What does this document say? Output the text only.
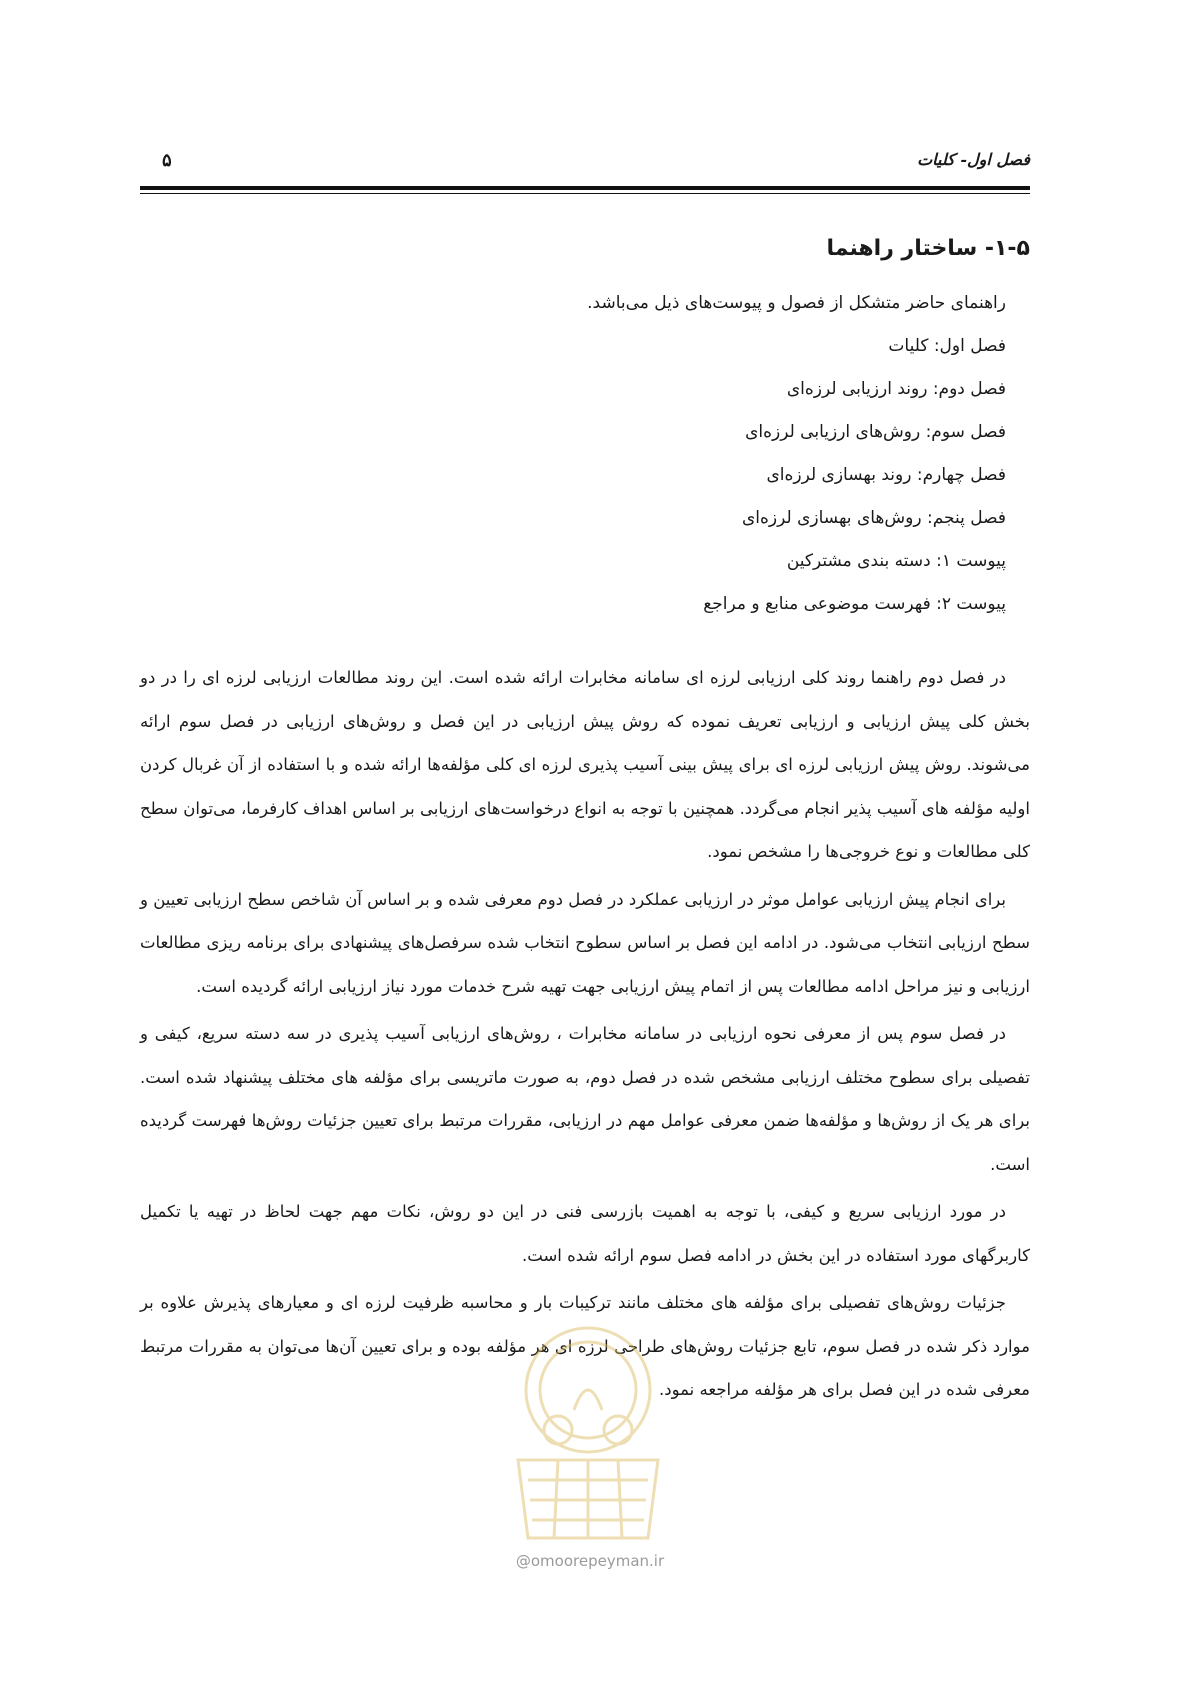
فصل اول- کلیات
۵
۱-۵- ساختار راهنما

راهنمای حاضر متشکل از فصول و پیوست‌های ذیل می‌باشد.

فصل اول: کلیات
فصل دوم: روند ارزیابی لرزه‌ای
فصل سوم: روش‌های ارزیابی لرزه‌ای
فصل چهارم: روند بهسازی لرزه‌ای
فصل پنجم: روش‌های بهسازی لرزه‌ای
پیوست ۱: دسته بندی مشترکین
پیوست ۲: فهرست موضوعی منابع و مراجع

در فصل دوم راهنما روند کلی ارزیابی لرزه ای سامانه مخابرات ارائه شده است. این روند مطالعات ارزیابی لرزه ای را در دو بخش کلی پیش ارزیابی و ارزیابی تعریف نموده که روش پیش ارزیابی در این فصل و روش‌های ارزیابی در فصل سوم ارائه می‌شوند. روش پیش ارزیابی لرزه ای برای پیش بینی آسیب پذیری لرزه ای کلی مؤلفه‌ها ارائه شده و با استفاده از آن غربال کردن اولیه مؤلفه های آسیب پذیر انجام می‌گردد. همچنین با توجه به انواع درخواست‌های ارزیابی بر اساس اهداف کارفرما، می‌توان سطح کلی مطالعات و نوع خروجی‌ها را مشخص نمود.

برای انجام پیش ارزیابی عوامل موثر در ارزیابی عملکرد در فصل دوم معرفی شده و بر اساس آن شاخص سطح ارزیابی تعیین و سطح ارزیابی انتخاب می‌شود. در ادامه این فصل بر اساس سطوح انتخاب شده سرفصل‌های پیشنهادی برای برنامه ریزی مطالعات ارزیابی و نیز مراحل ادامه مطالعات پس از اتمام پیش ارزیابی جهت تهیه شرح خدمات مورد نیاز ارزیابی ارائه گردیده است.

در فصل سوم پس از معرفی نحوه ارزیابی در سامانه مخابرات ، روش‌های ارزیابی آسیب پذیری در سه دسته سریع، کیفی و تفصیلی برای سطوح مختلف ارزیابی مشخص شده در فصل دوم، به صورت ماتریسی برای مؤلفه های مختلف پیشنهاد شده است. برای هر یک از روش‌ها و مؤلفه‌ها ضمن معرفی عوامل مهم در ارزیابی، مقررات مرتبط برای تعیین جزئیات روش‌ها فهرست گردیده است.

در مورد ارزیابی سریع و کیفی، با توجه به اهمیت بازرسی فنی در این دو روش، نکات مهم جهت لحاظ در تهیه یا تکمیل کاربرگهای مورد استفاده در این بخش در ادامه فصل سوم ارائه شده است.

جزئیات روش‌های تفصیلی برای مؤلفه های مختلف مانند ترکیبات بار و محاسبه ظرفیت لرزه ای و معیارهای پذیرش علاوه بر موارد ذکر شده در فصل سوم، تابع جزئیات روش‌های طراحی لرزه ای هر مؤلفه بوده و برای تعیین آن‌ها می‌توان به مقررات مرتبط معرفی شده در این فصل برای هر مؤلفه مراجعه نمود.

@omoorepeyman.ir
